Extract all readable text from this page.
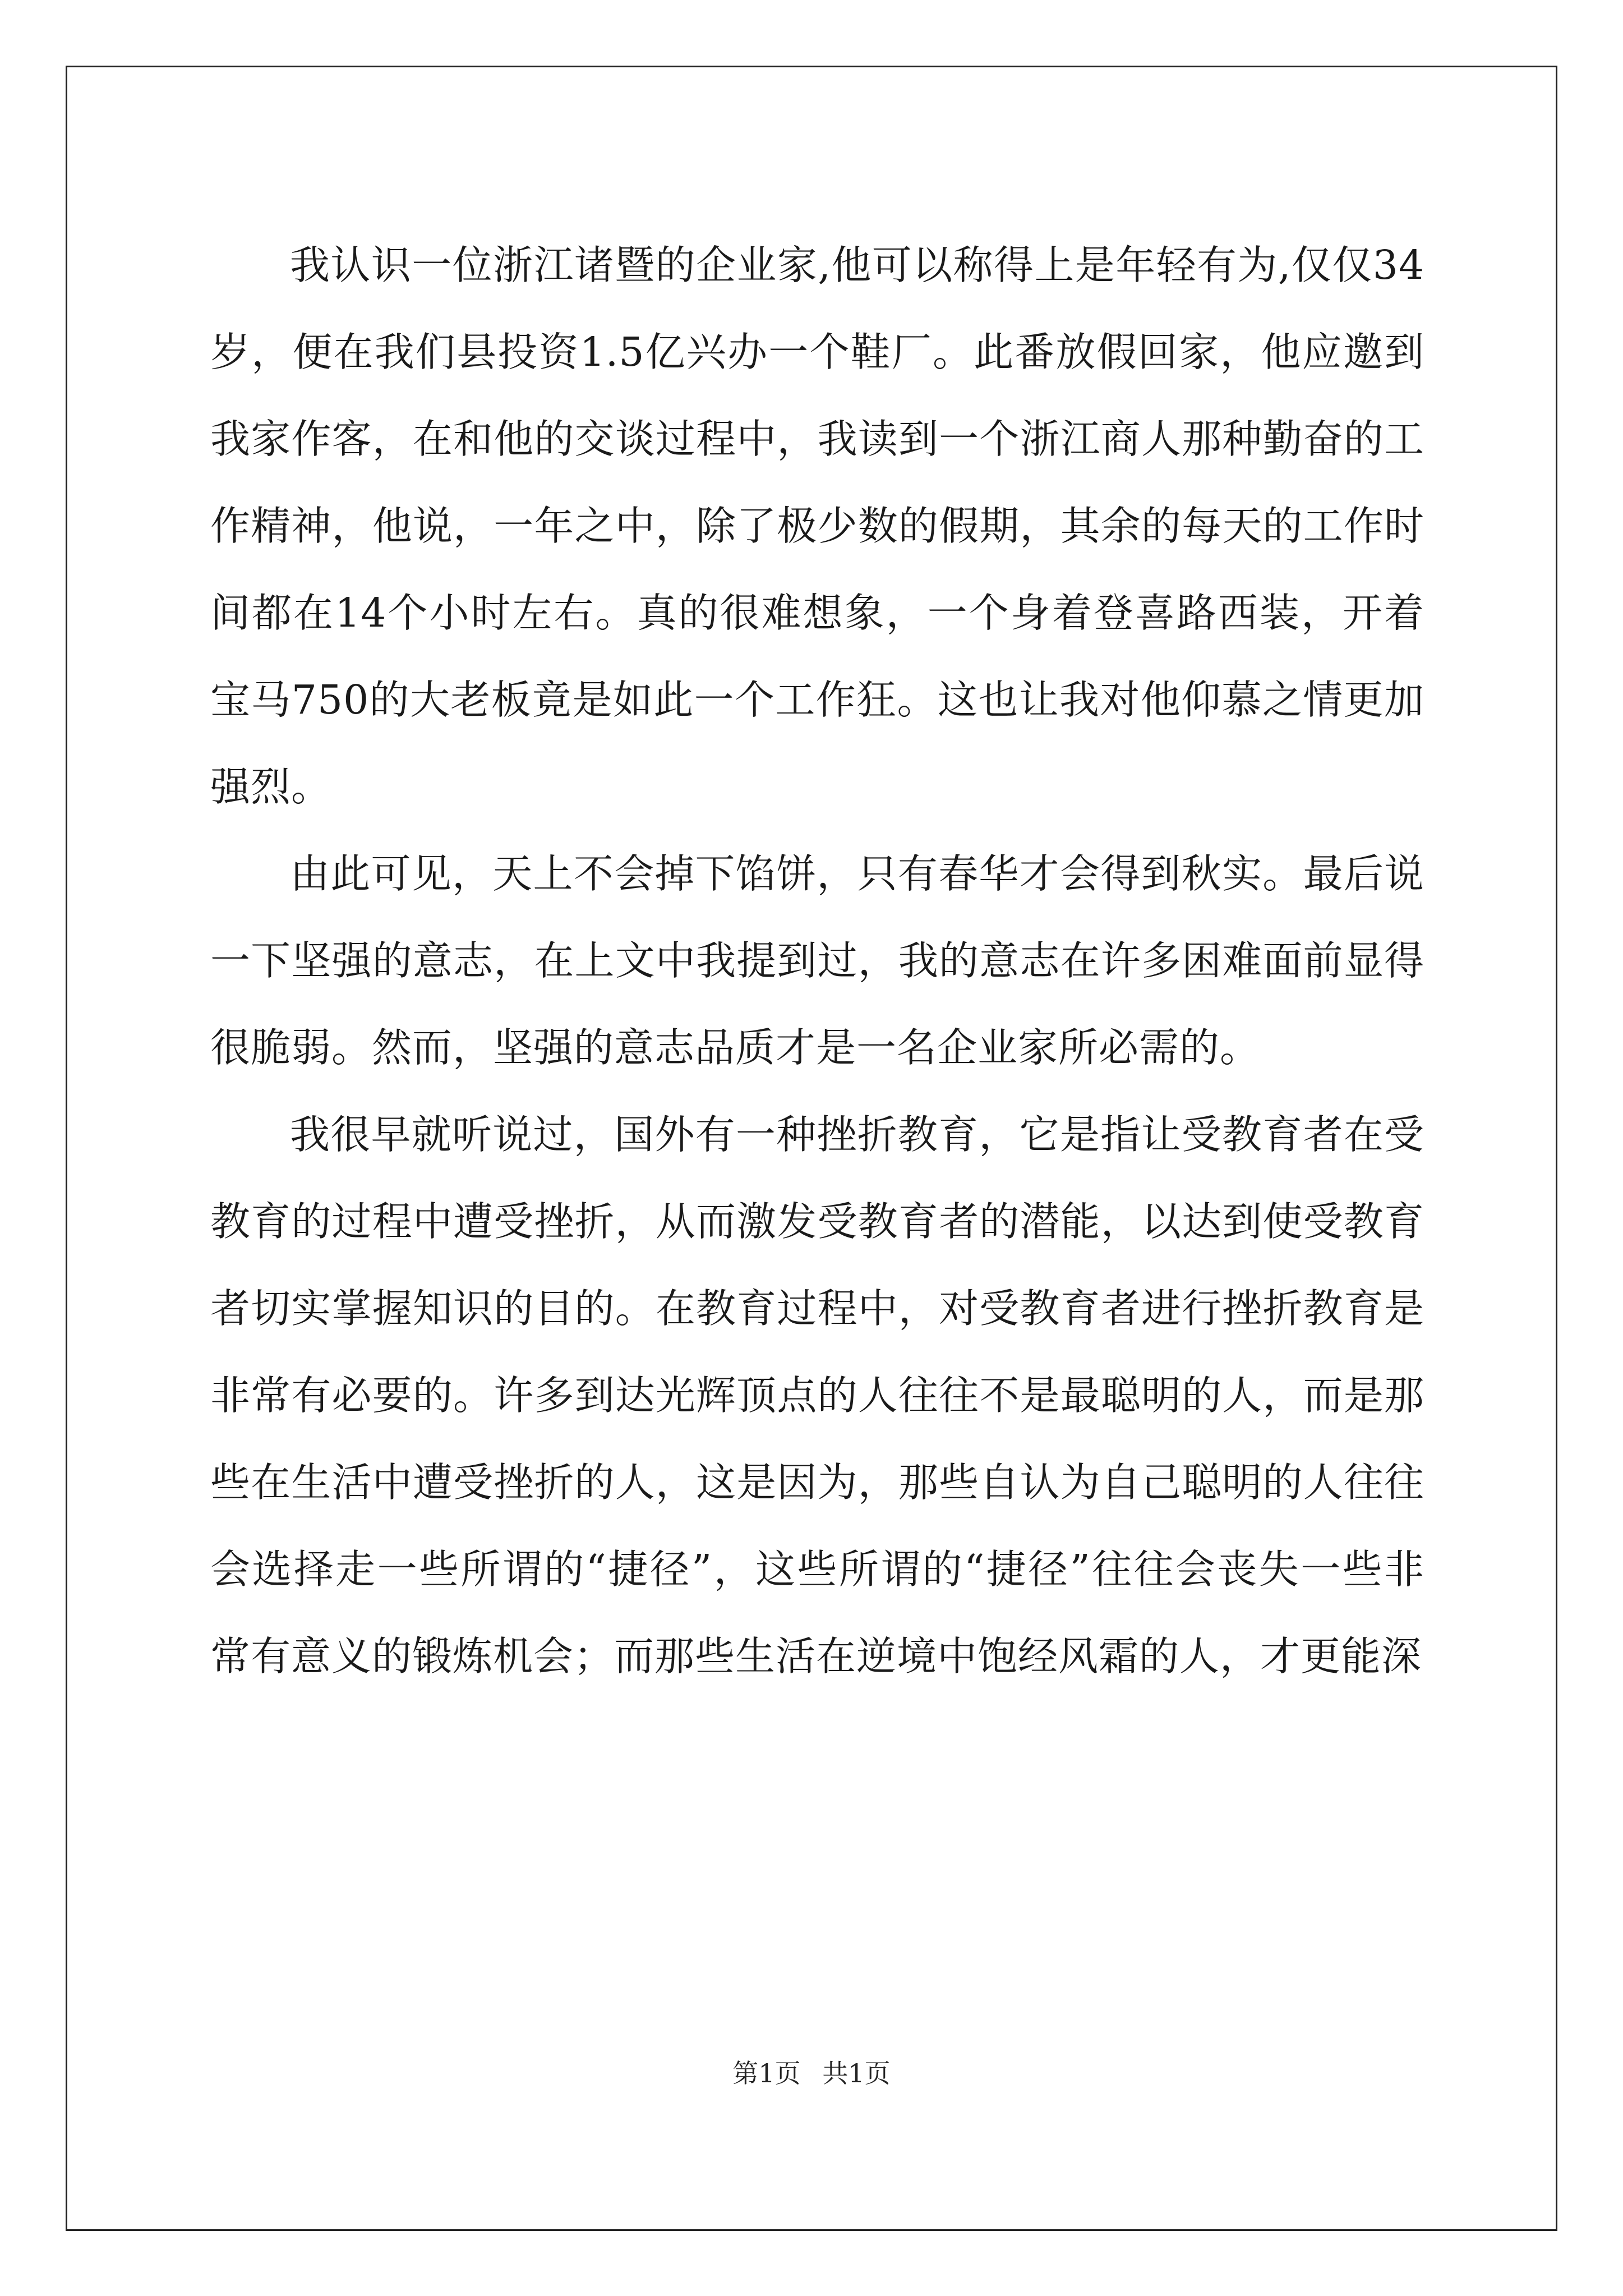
我认识一位浙江诸暨的企业家,他可以称得上是年轻有为,仅仅34岁，便在我们县投资1.5亿兴办一个鞋厂。此番放假回家，他应邀到我家作客，在和他的交谈过程中，我读到一个浙江商人那种勤奋的工作精神，他说，一年之中，除了极少数的假期，其余的每天的工作时间都在14个小时左右。真的很难想象，一个身着登喜路西装，开着宝马750的大老板竟是如此一个工作狂。这也让我对他仰慕之情更加强烈。

由此可见，天上不会掉下馅饼，只有春华才会得到秋实。最后说一下坚强的意志，在上文中我提到过，我的意志在许多困难面前显得很脆弱。然而，坚强的意志品质才是一名企业家所必需的。

我很早就听说过，国外有一种挫折教育，它是指让受教育者在受教育的过程中遭受挫折，从而激发受教育者的潜能，以达到使受教育者切实掌握知识的目的。在教育过程中，对受教育者进行挫折教育是非常有必要的。许多到达光辉顶点的人往往不是最聪明的人，而是那些在生活中遭受挫折的人，这是因为，那些自认为自己聪明的人往往会选择走一些所谓的“捷径”，这些所谓的“捷径”往往会丧失一些非常有意义的锻炼机会；而那些生活在逆境中饱经风霜的人，才更能深

第1页 共1页
